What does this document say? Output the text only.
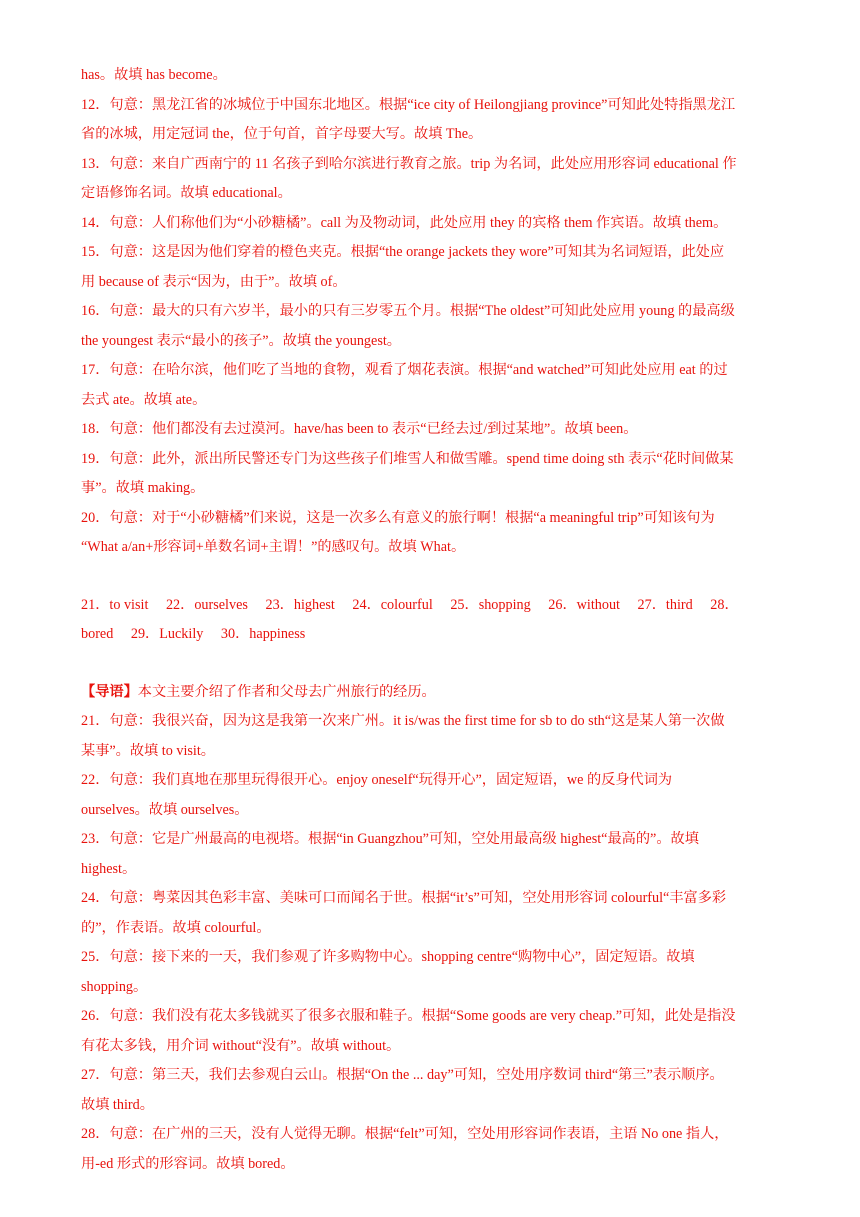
has。故填 has become。
12．句意：黑龙江省的冰城位于中国东北地区。根据“ice city of Heilongjiang province”可知此处特指黑龙江
省的冰城，用定冠词 the，位于句首，首字母要大写。故填 The。
13．句意：来自广西南宁的 11 名孩子到哈尔滨进行教育之旅。trip 为名词，此处应用形容词 educational 作
定语修饰名词。故填 educational。
14．句意：人们称他们为“小砂糖橘”。call 为及物动词，此处应用 they 的宾格 them 作宾语。故填 them。
15．句意：这是因为他们穿着的橙色夹克。根据“the orange jackets they wore”可知其为名词短语，此处应
用 because of 表示“因为，由于”。故填 of。
16．句意：最大的只有六岁半，最小的只有三岁零五个月。根据“The oldest”可知此处应用 young 的最高级
the youngest 表示“最小的孩子”。故填 the youngest。
17．句意：在哈尔滨，他们吃了当地的食物，观看了烟花表演。根据“and watched”可知此处应用 eat 的过
去式 ate。故填 ate。
18．句意：他们都没有去过漠河。have/has been to 表示“已经去过/到过某地”。故填 been。
19．句意：此外，派出所民警还专门为这些孩子们堆雪人和做雪雕。spend time doing sth 表示“花时间做某
事”。故填 making。
20．句意：对于“小砂糖橘”们来说，这是一次多么有意义的旅行啊！根据“a meaningful trip”可知该句为
“What a/an+形容词+单数名词+主谓！”的感叹句。故填 What。
21．to visit 22．ourselves 23．highest 24．colourful 25．shopping 26．without 27．third 28．
bored 29．Luckily 30．happiness
【导语】本文主要介绍了作者和父母去广州旅行的经历。
21．句意：我很兴奋，因为这是我第一次来广州。it is/was the first time for sb to do sth“这是某人第一次做
某事”。故填 to visit。
22．句意：我们真地在那里玩得很开心。enjoy oneself“玩得开心”，固定短语，we 的反身代词为
ourselves。故填 ourselves。
23．句意：它是广州最高的电视塔。根据“in Guangzhou”可知，空处用最高级 highest“最高的”。故填
highest。
24．句意：粤菜因其色彩丰富、美味可口而闻名于世。根据“it’s”可知，空处用形容词 colourful“丰富多彩
的”，作表语。故填 colourful。
25．句意：接下来的一天，我们参观了许多购物中心。shopping centre“购物中心”，固定短语。故填
shopping。
26．句意：我们没有花太多钱就买了很多衣服和鞋子。根据“Some goods are very cheap.”可知，此处是指没
有花太多钱，用介词 without“没有”。故填 without。
27．句意：第三天，我们去参观白云山。根据“On the ... day”可知，空处用序数词 third“第三”表示顺序。
故填 third。
28．句意：在广州的三天，没有人觉得无聊。根据“felt”可知，空处用形容词作表语，主语 No one 指人，
用-ed 形式的形容词。故填 bored。
